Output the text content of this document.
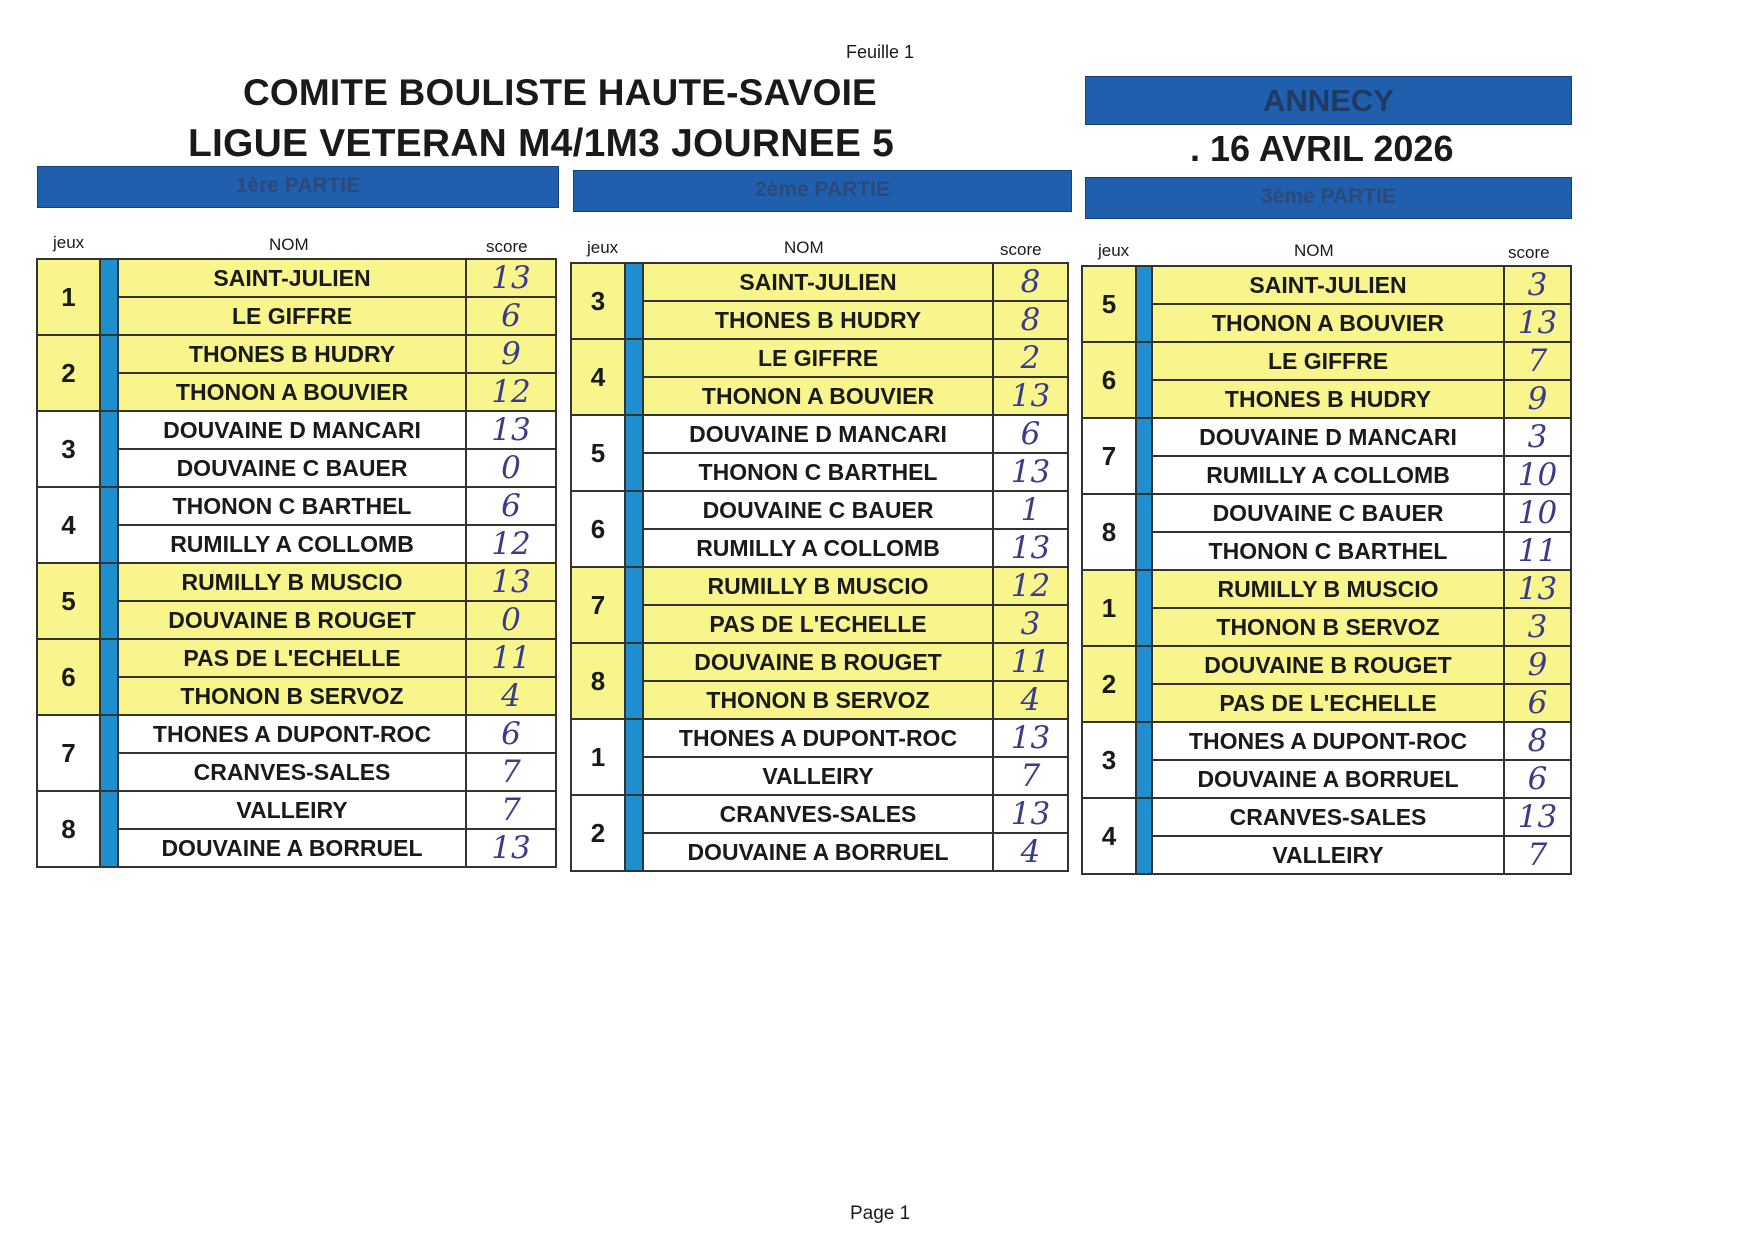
Feuille 1
COMITE BOULISTE HAUTE-SAVOIE
LIGUE VETERAN M4/1M3 JOURNEE 5
ANNECY
. 16 AVRIL 2026
1ère PARTIE
jeux	NOM	score
1		SAINT-JULIEN	13
		LE GIFFRE	6
2		THONES B HUDRY	9
		THONON A BOUVIER	12
3		DOUVAINE D MANCARI	13
		DOUVAINE C BAUER	0
4		THONON C BARTHEL	6
		RUMILLY A COLLOMB	12
5		RUMILLY B MUSCIO	13
		DOUVAINE B ROUGET	0
6		PAS DE L'ECHELLE	11
		THONON B SERVOZ	4
7		THONES A DUPONT-ROC	6
		CRANVES-SALES	7
8		VALLEIRY	7
		DOUVAINE A BORRUEL	13
2ème PARTIE
jeux	NOM	score
3		SAINT-JULIEN	8
		THONES B HUDRY	8
4		LE GIFFRE	2
		THONON A BOUVIER	13
5		DOUVAINE D MANCARI	6
		THONON C BARTHEL	13
6		DOUVAINE C BAUER	1
		RUMILLY A COLLOMB	13
7		RUMILLY B MUSCIO	12
		PAS DE L'ECHELLE	3
8		DOUVAINE B ROUGET	11
		THONON B SERVOZ	4
1		THONES A DUPONT-ROC	13
		VALLEIRY	7
2		CRANVES-SALES	13
		DOUVAINE A BORRUEL	4
3ème PARTIE
jeux	NOM	score
5		SAINT-JULIEN	3
		THONON A BOUVIER	13
6		LE GIFFRE	7
		THONES B HUDRY	9
7		DOUVAINE D MANCARI	3
		RUMILLY A COLLOMB	10
8		DOUVAINE C BAUER	10
		THONON C BARTHEL	11
1		RUMILLY B MUSCIO	13
		THONON B SERVOZ	3
2		DOUVAINE B ROUGET	9
		PAS DE L'ECHELLE	6
3		THONES A DUPONT-ROC	8
		DOUVAINE A BORRUEL	6
4		CRANVES-SALES	13
		VALLEIRY	7
Page 1
